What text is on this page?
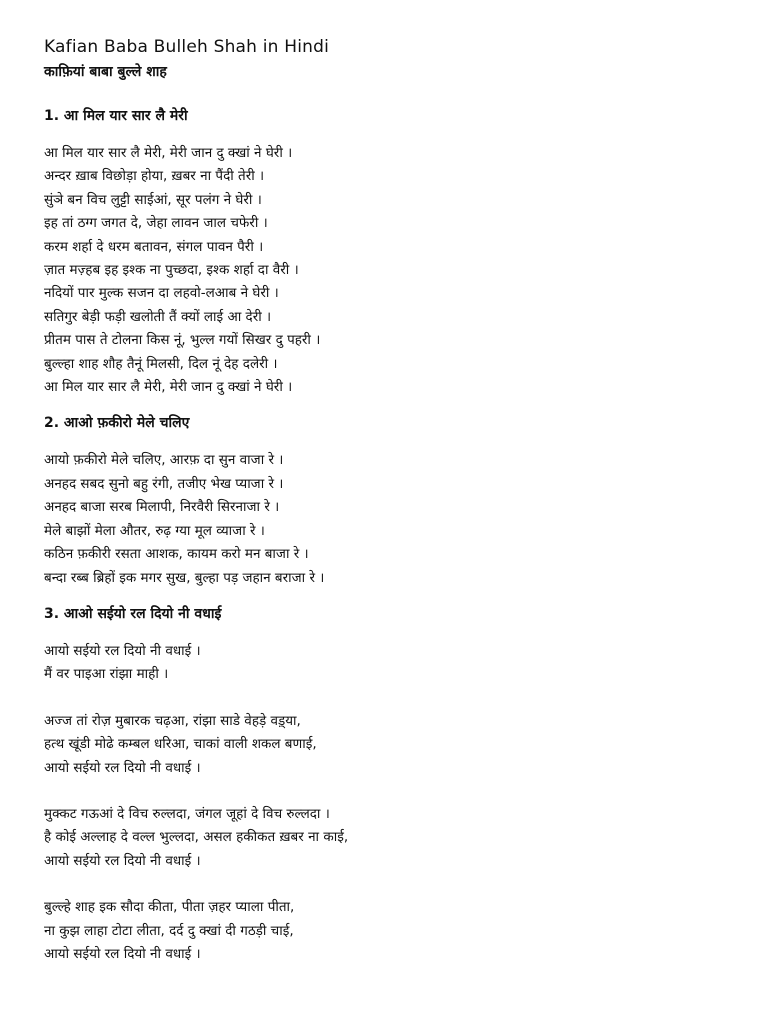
Kafian Baba Bulleh Shah in Hindi
काफ़ियां बाबा बुल्ले शाह
1. आ मिल यार सार लै मेरी

आ मिल यार सार लै मेरी, मेरी जान दु क्खां ने घेरी ।
अन्दर ख़ाब विछोड़ा होया, ख़बर ना पैंदी तेरी ।
सुंञे बन विच लुट्टी साईआं, सूर पलंग ने घेरी ।
इह तां ठग्ग जगत दे, जेहा लावन जाल चफेरी ।
करम शर्हा दे धरम बतावन, संगल पावन पैरी ।
ज़ात मज़्हब इह इश्क ना पुच्छदा, इश्क शर्हा दा वैरी ।
नदियों पार मुल्क सजन दा लहवो-लआब ने घेरी ।
सतिगुर बेड़ी फड़ी खलोती तैं क्यों लाई आ देरी ।
प्रीतम पास ते टोलना किस नूं, भुल्ल गयों सिखर दु पहरी ।
बुल्ल्हा शाह शौह तैनूं मिलसी, दिल नूं देह दलेरी ।
आ मिल यार सार लै मेरी, मेरी जान दु क्खां ने घेरी ।

2. आओ फ़कीरो मेले चलिए

आयो फ़कीरो मेले चलिए, आरफ़ दा सुन वाजा रे ।
अनहद सबद सुनो बहु रंगी, तजीए भेख प्याजा रे ।
अनहद बाजा सरब मिलापी, निरवैरी सिरनाजा रे ।
मेले बाझों मेला औतर, रुढ़ ग्या मूल व्याजा रे ।
कठिन फ़कीरी रसता आशक, कायम करो मन बाजा रे ।
बन्दा रब्ब ब्रिहों इक मगर सुख, बुल्हा पड़ जहान बराजा रे ।

3. आओ सईयो रल दियो नी वधाई

आयो सईयो रल दियो नी वधाई ।
मैं वर पाइआ रांझा माही ।

अज्ज तां रोज़ मुबारक चढ़आ, रांझा साडे वेहड़े वड़्या,
हत्थ खूंडी मोढे कम्बल धरिआ, चाकां वाली शकल बणाई,
आयो सईयो रल दियो नी वधाई ।

मुक्कट गऊआं दे विच रुल्लदा, जंगल जूहां दे विच रुल्लदा ।
है कोई अल्लाह दे वल्ल भुल्लदा, असल हकीकत ख़बर ना काई,
आयो सईयो रल दियो नी वधाई ।

बुल्ल्हे शाह इक सौदा कीता, पीता ज़हर प्याला पीता,
ना कुझ लाहा टोटा लीता, दर्द दु क्खां दी गठड़ी चाई,
आयो सईयो रल दियो नी वधाई ।
